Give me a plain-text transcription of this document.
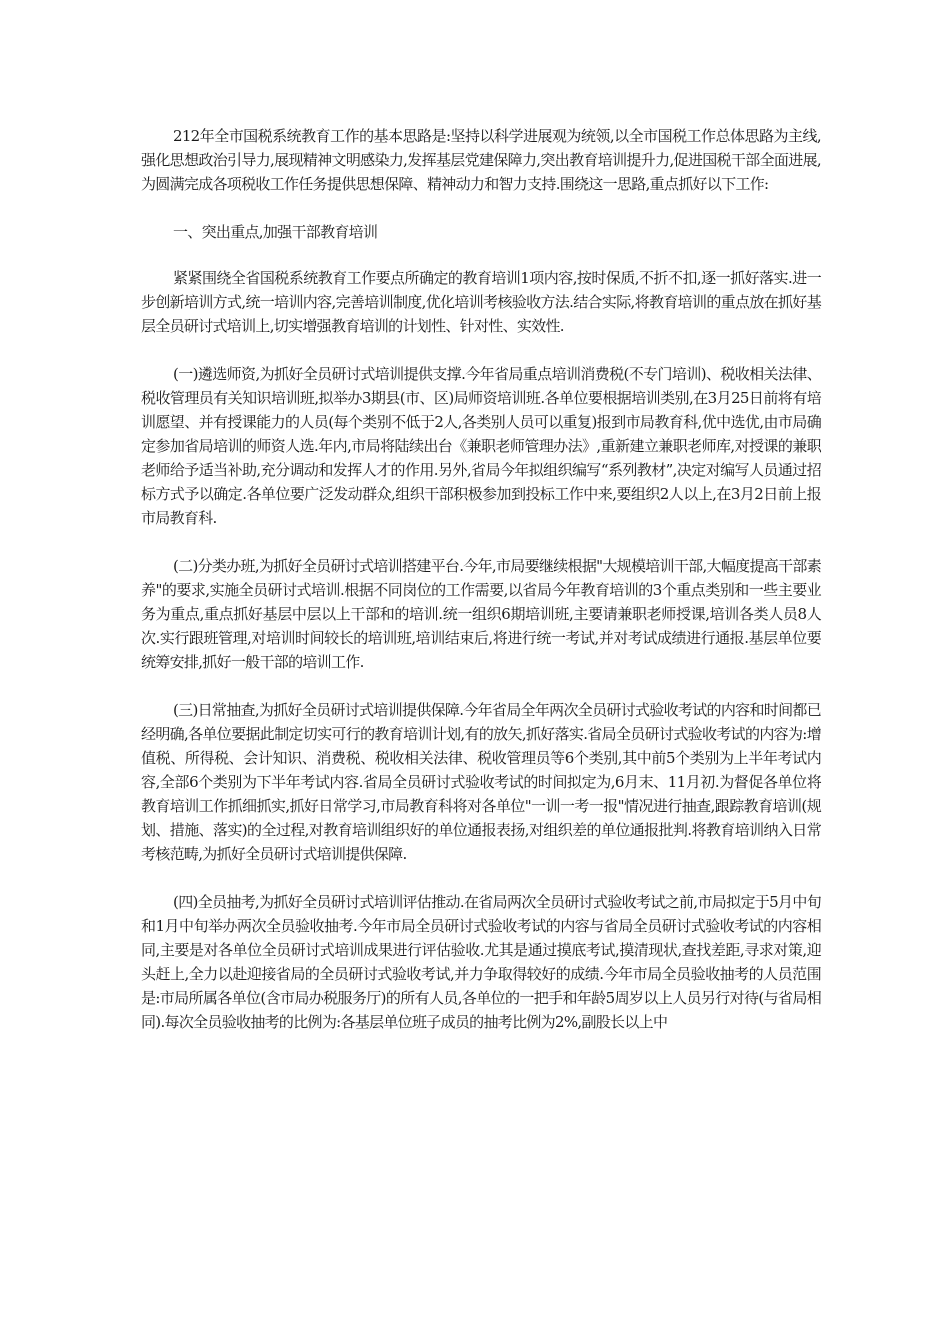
212年全市国税系统教育工作的基本思路是:坚持以科学进展观为统领,以全市国税工作总体思路为主线,强化思想政治引导力,展现精神文明感染力,发挥基层党建保障力,突出教育培训提升力,促进国税干部全面进展,为圆满完成各项税收工作任务提供思想保障、精神动力和智力支持.围绕这一思路,重点抓好以下工作:

一、突出重点,加强干部教育培训

紧紧围绕全省国税系统教育工作要点所确定的教育培训1项内容,按时保质,不折不扣,逐一抓好落实.进一步创新培训方式,统一培训内容,完善培训制度,优化培训考核验收方法.结合实际,将教育培训的重点放在抓好基层全员研讨式培训上,切实增强教育培训的计划性、针对性、实效性.

(一)遴选师资,为抓好全员研讨式培训提供支撑.今年省局重点培训消费税(不专门培训)、税收相关法律、税收管理员有关知识培训班,拟举办3期县(市、区)局师资培训班.各单位要根据培训类别,在3月25日前将有培训愿望、并有授课能力的人员(每个类别不低于2人,各类别人员可以重复)报到市局教育科,优中选优,由市局确定参加省局培训的师资人选.年内,市局将陆续出台《兼职老师管理办法》,重新建立兼职老师库,对授课的兼职老师给予适当补助,充分调动和发挥人才的作用.另外,省局今年拟组织编写“系列教材”,决定对编写人员通过招标方式予以确定.各单位要广泛发动群众,组织干部积极参加到投标工作中来,要组织2人以上,在3月2日前上报市局教育科.

(二)分类办班,为抓好全员研讨式培训搭建平台.今年,市局要继续根据"大规模培训干部,大幅度提高干部素养"的要求,实施全员研讨式培训.根据不同岗位的工作需要,以省局今年教育培训的3个重点类别和一些主要业务为重点,重点抓好基层中层以上干部和的培训.统一组织6期培训班,主要请兼职老师授课,培训各类人员8人次.实行跟班管理,对培训时间较长的培训班,培训结束后,将进行统一考试,并对考试成绩进行通报.基层单位要统筹安排,抓好一般干部的培训工作.

(三)日常抽查,为抓好全员研讨式培训提供保障.今年省局全年两次全员研讨式验收考试的内容和时间都已经明确,各单位要据此制定切实可行的教育培训计划,有的放矢,抓好落实.省局全员研讨式验收考试的内容为:增值税、所得税、会计知识、消费税、税收相关法律、税收管理员等6个类别,其中前5个类别为上半年考试内容,全部6个类别为下半年考试内容.省局全员研讨式验收考试的时间拟定为,6月末、11月初.为督促各单位将教育培训工作抓细抓实,抓好日常学习,市局教育科将对各单位"一训一考一报"情况进行抽查,跟踪教育培训(规划、措施、落实)的全过程,对教育培训组织好的单位通报表扬,对组织差的单位通报批判.将教育培训纳入日常考核范畴,为抓好全员研讨式培训提供保障.

(四)全员抽考,为抓好全员研讨式培训评估推动.在省局两次全员研讨式验收考试之前,市局拟定于5月中旬和1月中旬举办两次全员验收抽考.今年市局全员研讨式验收考试的内容与省局全员研讨式验收考试的内容相同,主要是对各单位全员研讨式培训成果进行评估验收.尤其是通过摸底考试,摸清现状,查找差距,寻求对策,迎头赶上,全力以赴迎接省局的全员研讨式验收考试,并力争取得较好的成绩.今年市局全员验收抽考的人员范围是:市局所属各单位(含市局办税服务厅)的所有人员,各单位的一把手和年龄5周岁以上人员另行对待(与省局相同).每次全员验收抽考的比例为:各基层单位班子成员的抽考比例为2%,副股长以上中
